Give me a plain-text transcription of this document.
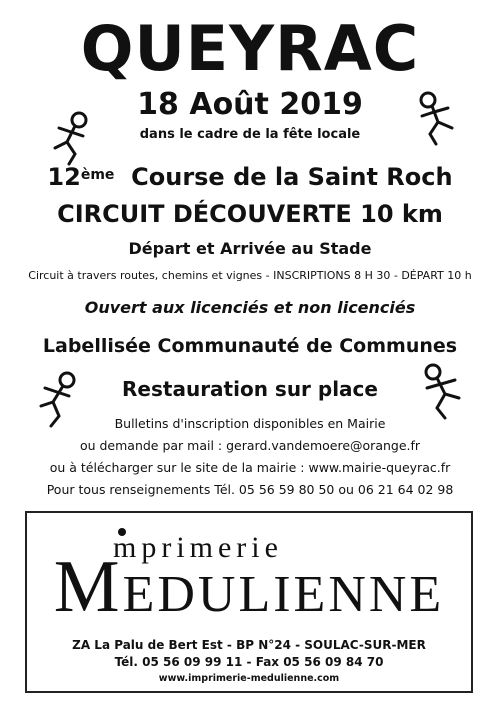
QUEYRAC
18 Août 2019
dans le cadre de la fête locale
12ème Course de la Saint Roch
CIRCUIT DÉCOUVERTE 10 km
Départ et Arrivée au Stade
Circuit à travers routes, chemins et vignes - INSCRIPTIONS 8 H 30 - DÉPART 10 h
Ouvert aux licenciés et non licenciés
Labellisée Communauté de Communes
Restauration sur place
Bulletins d'inscription disponibles en Mairie
ou demande par mail : gerard.vandemoere@orange.fr
ou à télécharger sur le site de la mairie : www.mairie-queyrac.fr
Pour tous renseignements Tél. 05 56 59 80 50 ou 06 21 64 02 98
mprimerie
MEDULIENNE
ZA La Palu de Bert Est - BP N°24 - SOULAC-SUR-MER
Tél. 05 56 09 99 11 - Fax 05 56 09 84 70
www.imprimerie-medulienne.com
